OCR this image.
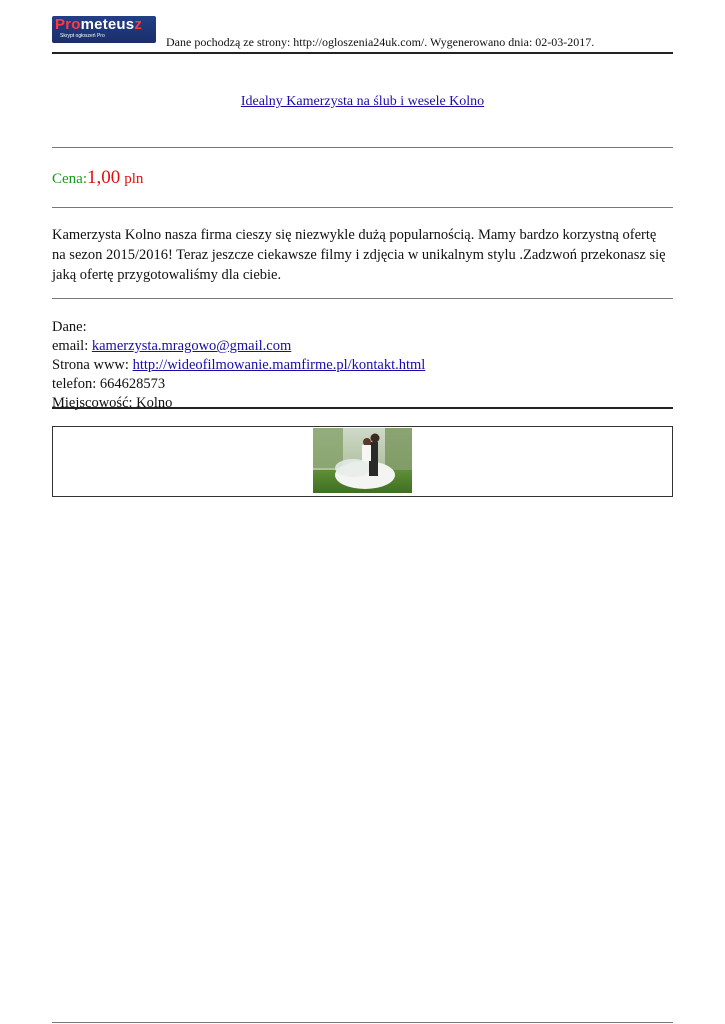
Prometeusz
Skrypt ogłoszeń Pro	Dane pochodzą ze strony: http://ogloszenia24uk.com/. Wygenerowano dnia: 02-03-2017.
Idealny Kamerzysta na ślub i wesele Kolno
Cena:1,00 pln
Kamerzysta Kolno nasza firma cieszy się niezwykle dużą popularnością. Mamy bardzo korzystną ofertę na sezon 2015/2016! Teraz jeszcze ciekawsze filmy i zdjęcia w unikalnym stylu .Zadzwoń przekonasz się jaką ofertę przygotowaliśmy dla ciebie.
Dane:
email: kamerzysta.mragowo@gmail.com
Strona www: http://wideofilmowanie.mamfirme.pl/kontakt.html
telefon: 664628573
Miejscowość: Kolno
